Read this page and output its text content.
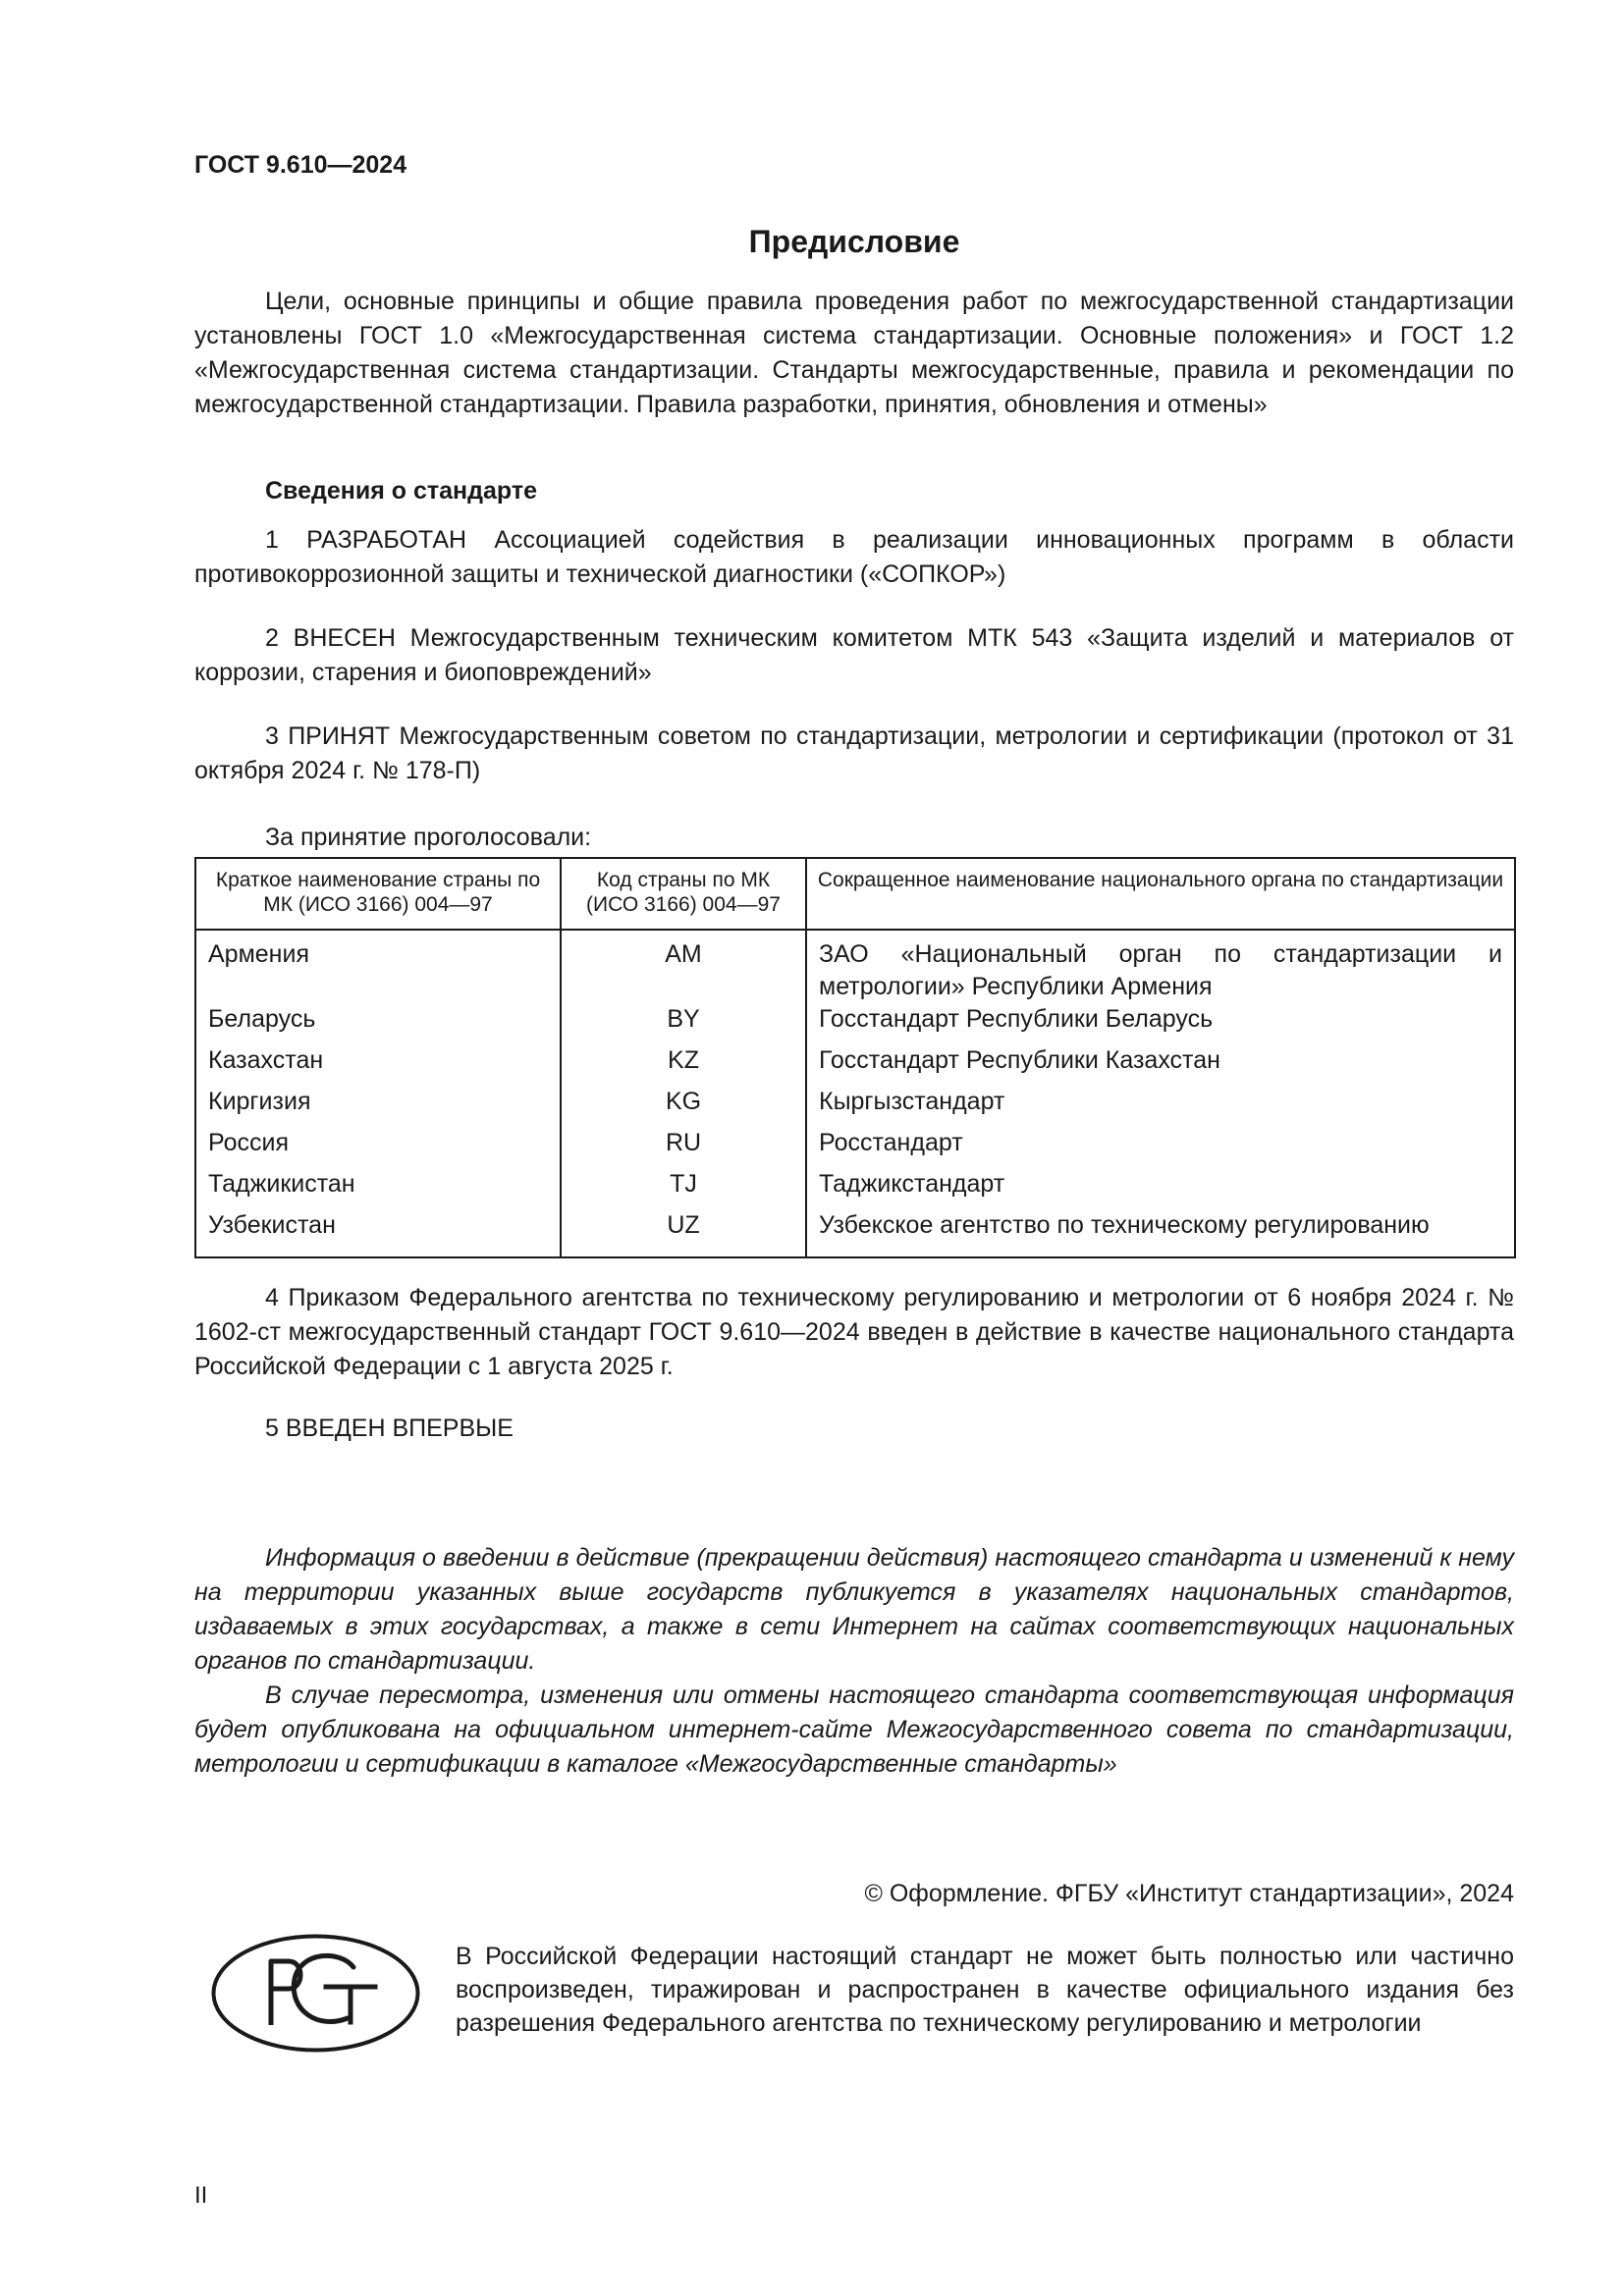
ГОСТ 9.610—2024
Предисловие

Цели, основные принципы и общие правила проведения работ по межгосударственной стандартизации установлены ГОСТ 1.0 «Межгосударственная система стандартизации. Основные положения» и ГОСТ 1.2 «Межгосударственная система стандартизации. Стандарты межгосударственные, правила и рекомендации по межгосударственной стандартизации. Правила разработки, принятия, обновления и отмены»

Сведения о стандарте

1 РАЗРАБОТАН Ассоциацией содействия в реализации инновационных программ в области противокоррозионной защиты и технической диагностики («СОПКОР»)

2 ВНЕСЕН Межгосударственным техническим комитетом МТК 543 «Защита изделий и материалов от коррозии, старения и биоповреждений»

3 ПРИНЯТ Межгосударственным советом по стандартизации, метрологии и сертификации (протокол от 31 октября 2024 г. № 178-П)

За принятие проголосовали:

Краткое наименование страны по МК (ИСО 3166) 004—97	Код страны по МК (ИСО 3166) 004—97	Сокращенное наименование национального органа по стандартизации
Армения	AM	ЗАО «Национальный орган по стандартизации и метрологии» Республики Армения
Беларусь	BY	Госстандарт Республики Беларусь
Казахстан	KZ	Госстандарт Республики Казахстан
Киргизия	KG	Кыргызстандарт
Россия	RU	Росстандарт
Таджикистан	TJ	Таджикстандарт
Узбекистан	UZ	Узбекское агентство по техническому регулированию

4 Приказом Федерального агентства по техническому регулированию и метрологии от 6 ноября 2024 г. № 1602-ст межгосударственный стандарт ГОСТ 9.610—2024 введен в действие в качестве национального стандарта Российской Федерации с 1 августа 2025 г.

5 ВВЕДЕН ВПЕРВЫЕ

Информация о введении в действие (прекращении действия) настоящего стандарта и изменений к нему на территории указанных выше государств публикуется в указателях национальных стандартов, издаваемых в этих государствах, а также в сети Интернет на сайтах соответствующих национальных органов по стандартизации.

В случае пересмотра, изменения или отмены настоящего стандарта соответствующая информация будет опубликована на официальном интернет-сайте Межгосударственного совета по стандартизации, метрологии и сертификации в каталоге «Межгосударственные стандарты»

© Оформление. ФГБУ «Институт стандартизации», 2024
В Российской Федерации настоящий стандарт не может быть полностью или частично воспроизведен, тиражирован и распространен в качестве официального издания без разрешения Федерального агентства по техническому регулированию и метрологии
II
